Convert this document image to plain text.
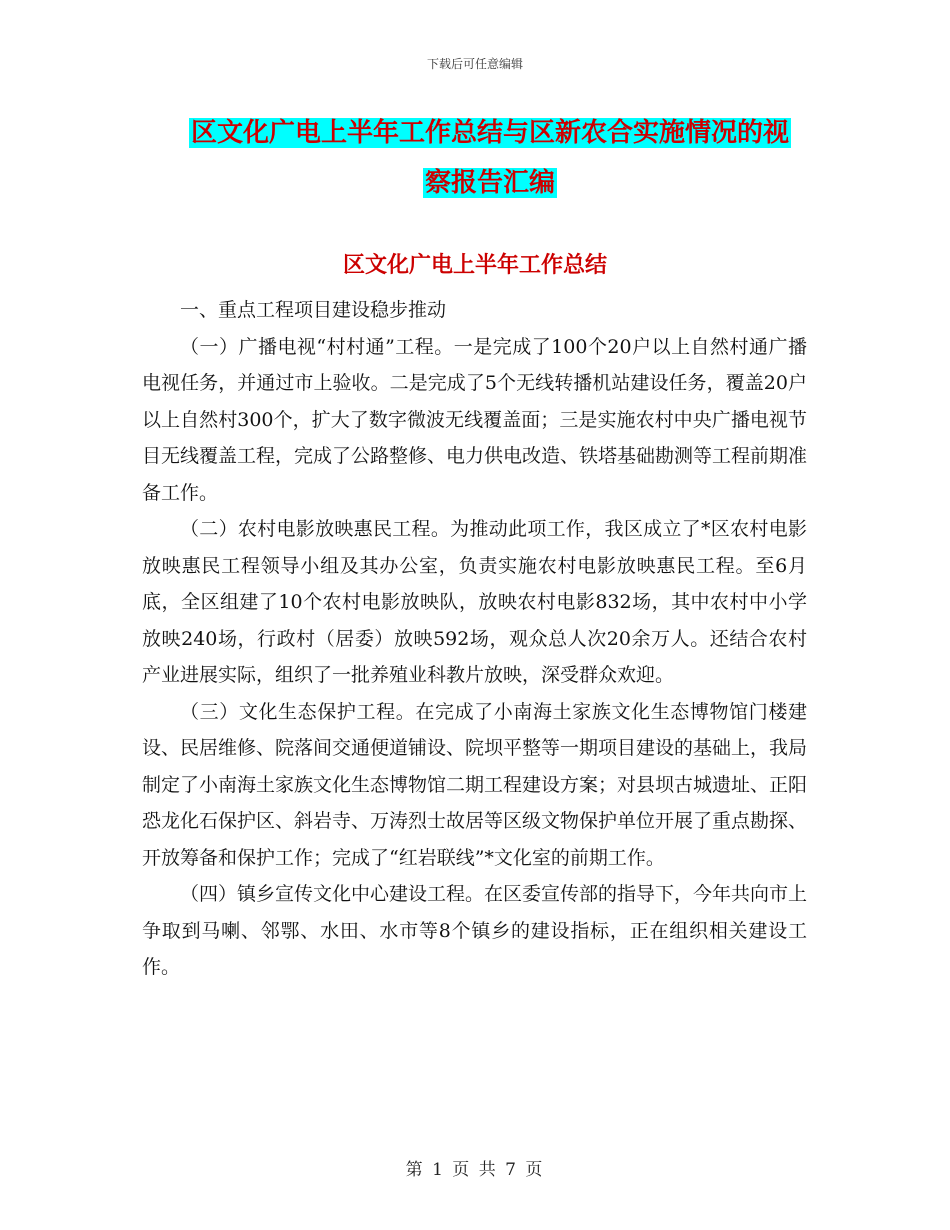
下载后可任意编辑
区文化广电上半年工作总结与区新农合实施情况的视
察报告汇编
区文化广电上半年工作总结

一、重点工程项目建设稳步推动

（一）广播电视“村村通”工程。一是完成了100个20户以上自然村通广播电视任务，并通过市上验收。二是完成了5个无线转播机站建设任务，覆盖20户以上自然村300个，扩大了数字微波无线覆盖面；三是实施农村中央广播电视节目无线覆盖工程，完成了公路整修、电力供电改造、铁塔基础勘测等工程前期准备工作。

（二）农村电影放映惠民工程。为推动此项工作，我区成立了*区农村电影放映惠民工程领导小组及其办公室，负责实施农村电影放映惠民工程。至6月底，全区组建了10个农村电影放映队，放映农村电影832场，其中农村中小学放映240场，行政村（居委）放映592场，观众总人次20余万人。还结合农村产业进展实际，组织了一批养殖业科教片放映，深受群众欢迎。

（三）文化生态保护工程。在完成了小南海土家族文化生态博物馆门楼建设、民居维修、院落间交通便道铺设、院坝平整等一期项目建设的基础上，我局制定了小南海土家族文化生态博物馆二期工程建设方案；对县坝古城遗址、正阳恐龙化石保护区、斜岩寺、万涛烈士故居等区级文物保护单位开展了重点勘探、开放筹备和保护工作；完成了“红岩联线”*文化室的前期工作。

（四）镇乡宣传文化中心建设工程。在区委宣传部的指导下，今年共向市上争取到马喇、邻鄂、水田、水市等8个镇乡的建设指标，正在组织相关建设工作。

第 1 页 共 7 页
